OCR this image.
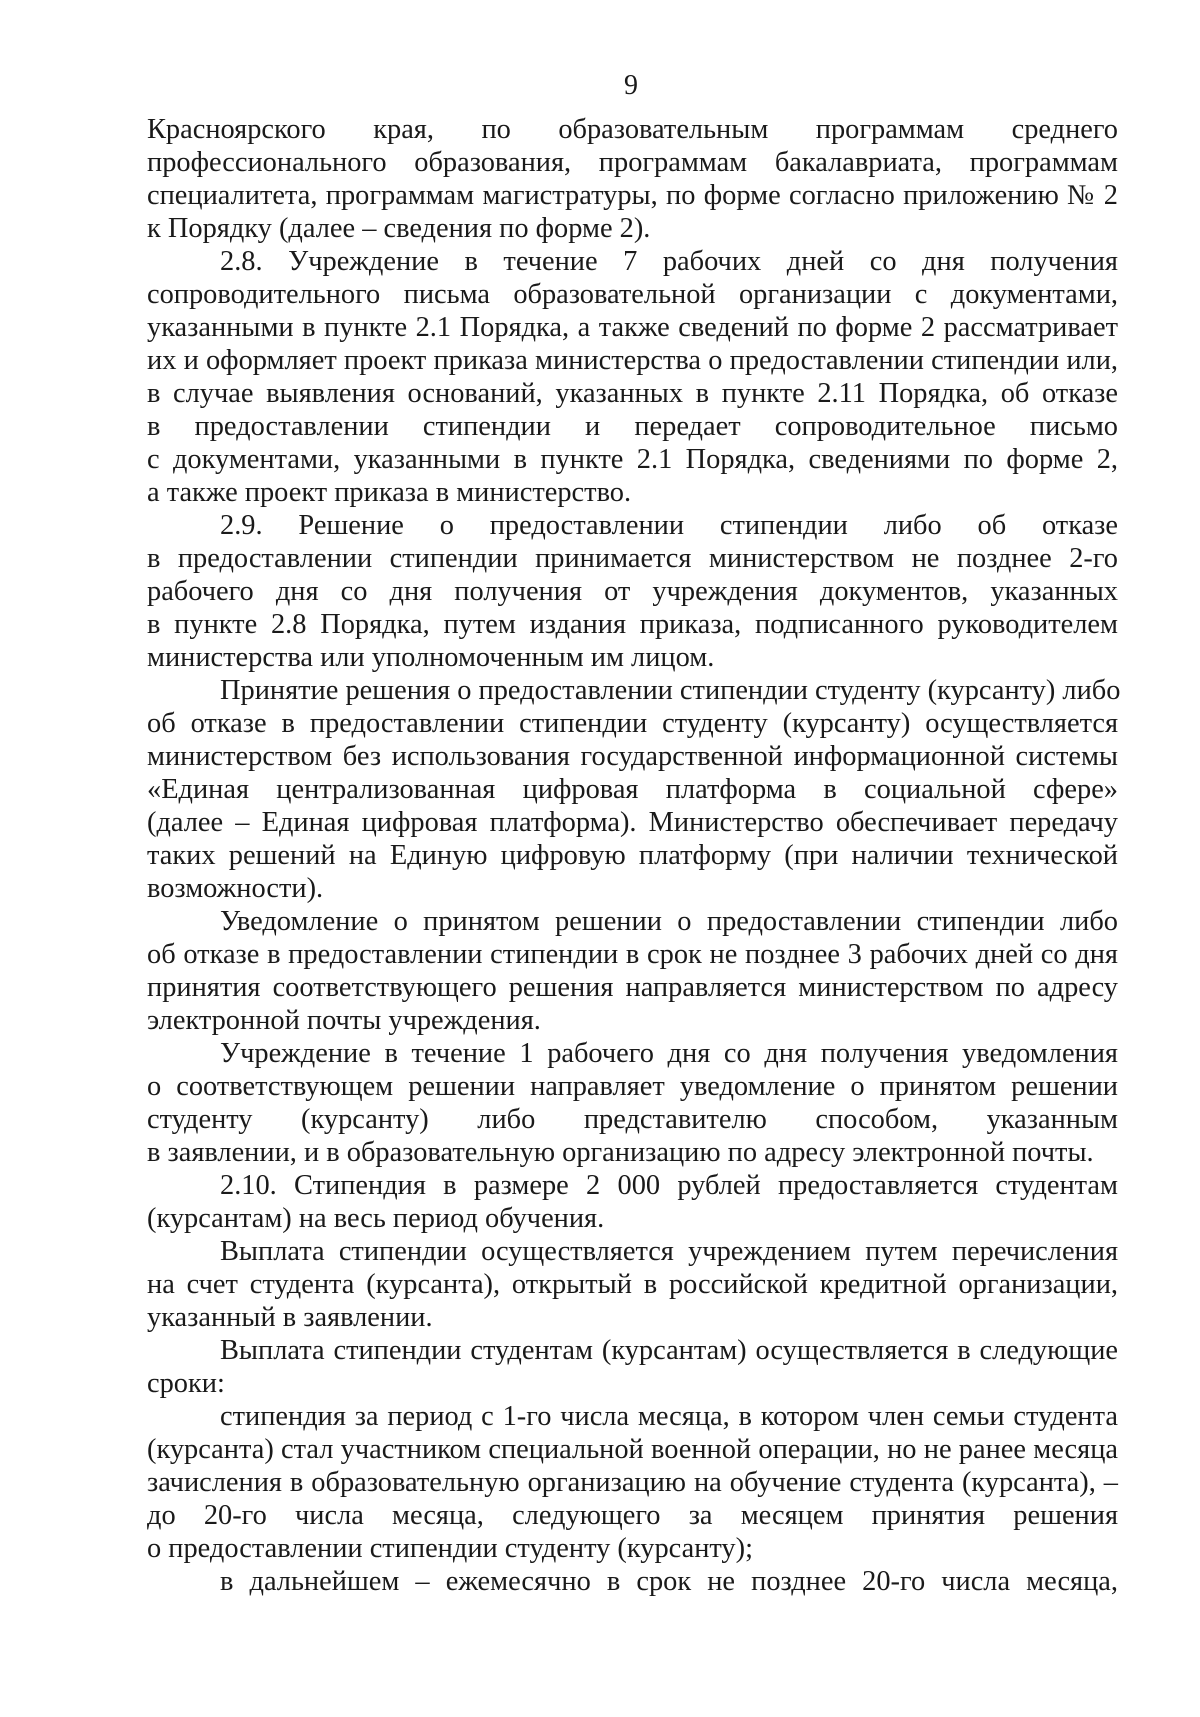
9
Красноярского края, по образовательным программам среднего
профессионального образования, программам бакалавриата, программам
специалитета, программам магистратуры, по форме согласно приложению № 2
к Порядку (далее – сведения по форме 2).
2.8. Учреждение в течение 7 рабочих дней со дня получения
сопроводительного письма образовательной организации с документами,
указанными в пункте 2.1 Порядка, а также сведений по форме 2 рассматривает
их и оформляет проект приказа министерства о предоставлении стипендии или,
в случае выявления оснований, указанных в пункте 2.11 Порядка, об отказе
в предоставлении стипендии и передает сопроводительное письмо
с документами, указанными в пункте 2.1 Порядка, сведениями по форме 2,
а также проект приказа в министерство.
2.9. Решение о предоставлении стипендии либо об отказе
в предоставлении стипендии принимается министерством не позднее 2-го
рабочего дня со дня получения от учреждения документов, указанных
в пункте 2.8 Порядка, путем издания приказа, подписанного руководителем
министерства или уполномоченным им лицом.
Принятие решения о предоставлении стипендии студенту (курсанту) либо
об отказе в предоставлении стипендии студенту (курсанту) осуществляется
министерством без использования государственной информационной системы
«Единая централизованная цифровая платформа в социальной сфере»
(далее – Единая цифровая платформа). Министерство обеспечивает передачу
таких решений на Единую цифровую платформу (при наличии технической
возможности).
Уведомление о принятом решении о предоставлении стипендии либо
об отказе в предоставлении стипендии в срок не позднее 3 рабочих дней со дня
принятия соответствующего решения направляется министерством по адресу
электронной почты учреждения.
Учреждение в течение 1 рабочего дня со дня получения уведомления
о соответствующем решении направляет уведомление о принятом решении
студенту (курсанту) либо представителю способом, указанным
в заявлении, и в образовательную организацию по адресу электронной почты.
2.10. Стипендия в размере 2 000 рублей предоставляется студентам
(курсантам) на весь период обучения.
Выплата стипендии осуществляется учреждением путем перечисления
на счет студента (курсанта), открытый в российской кредитной организации,
указанный в заявлении.
Выплата стипендии студентам (курсантам) осуществляется в следующие
сроки:
стипендия за период с 1-го числа месяца, в котором член семьи студента
(курсанта) стал участником специальной военной операции, но не ранее месяца
зачисления в образовательную организацию на обучение студента (курсанта), –
до 20-го числа месяца, следующего за месяцем принятия решения
о предоставлении стипендии студенту (курсанту);
в дальнейшем – ежемесячно в срок не позднее 20-го числа месяца,
